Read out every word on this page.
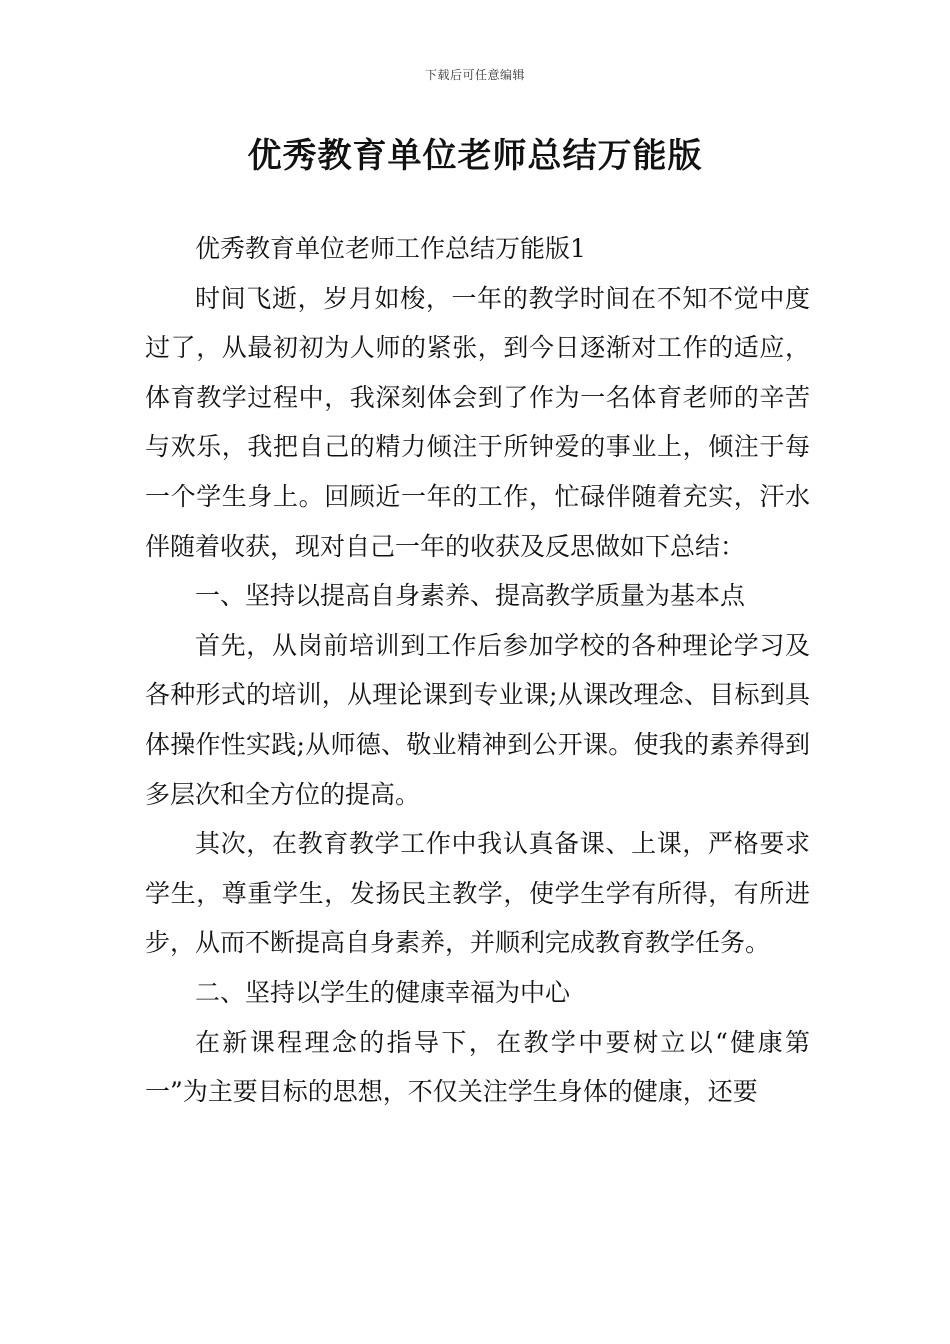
下载后可任意编辑
优秀教育单位老师总结万能版

优秀教育单位老师工作总结万能版1

时间飞逝，岁月如梭，一年的教学时间在不知不觉中度过了，从最初初为人师的紧张，到今日逐渐对工作的适应，体育教学过程中，我深刻体会到了作为一名体育老师的辛苦与欢乐，我把自己的精力倾注于所钟爱的事业上，倾注于每一个学生身上。回顾近一年的工作，忙碌伴随着充实，汗水伴随着收获，现对自己一年的收获及反思做如下总结：

一、坚持以提高自身素养、提高教学质量为基本点

首先，从岗前培训到工作后参加学校的各种理论学习及各种形式的培训，从理论课到专业课;从课改理念、目标到具体操作性实践;从师德、敬业精神到公开课。使我的素养得到多层次和全方位的提高。

其次，在教育教学工作中我认真备课、上课，严格要求学生，尊重学生，发扬民主教学，使学生学有所得，有所进步，从而不断提高自身素养，并顺利完成教育教学任务。

二、坚持以学生的健康幸福为中心

在新课程理念的指导下，在教学中要树立以“健康第一”为主要目标的思想，不仅关注学生身体的健康，还要
